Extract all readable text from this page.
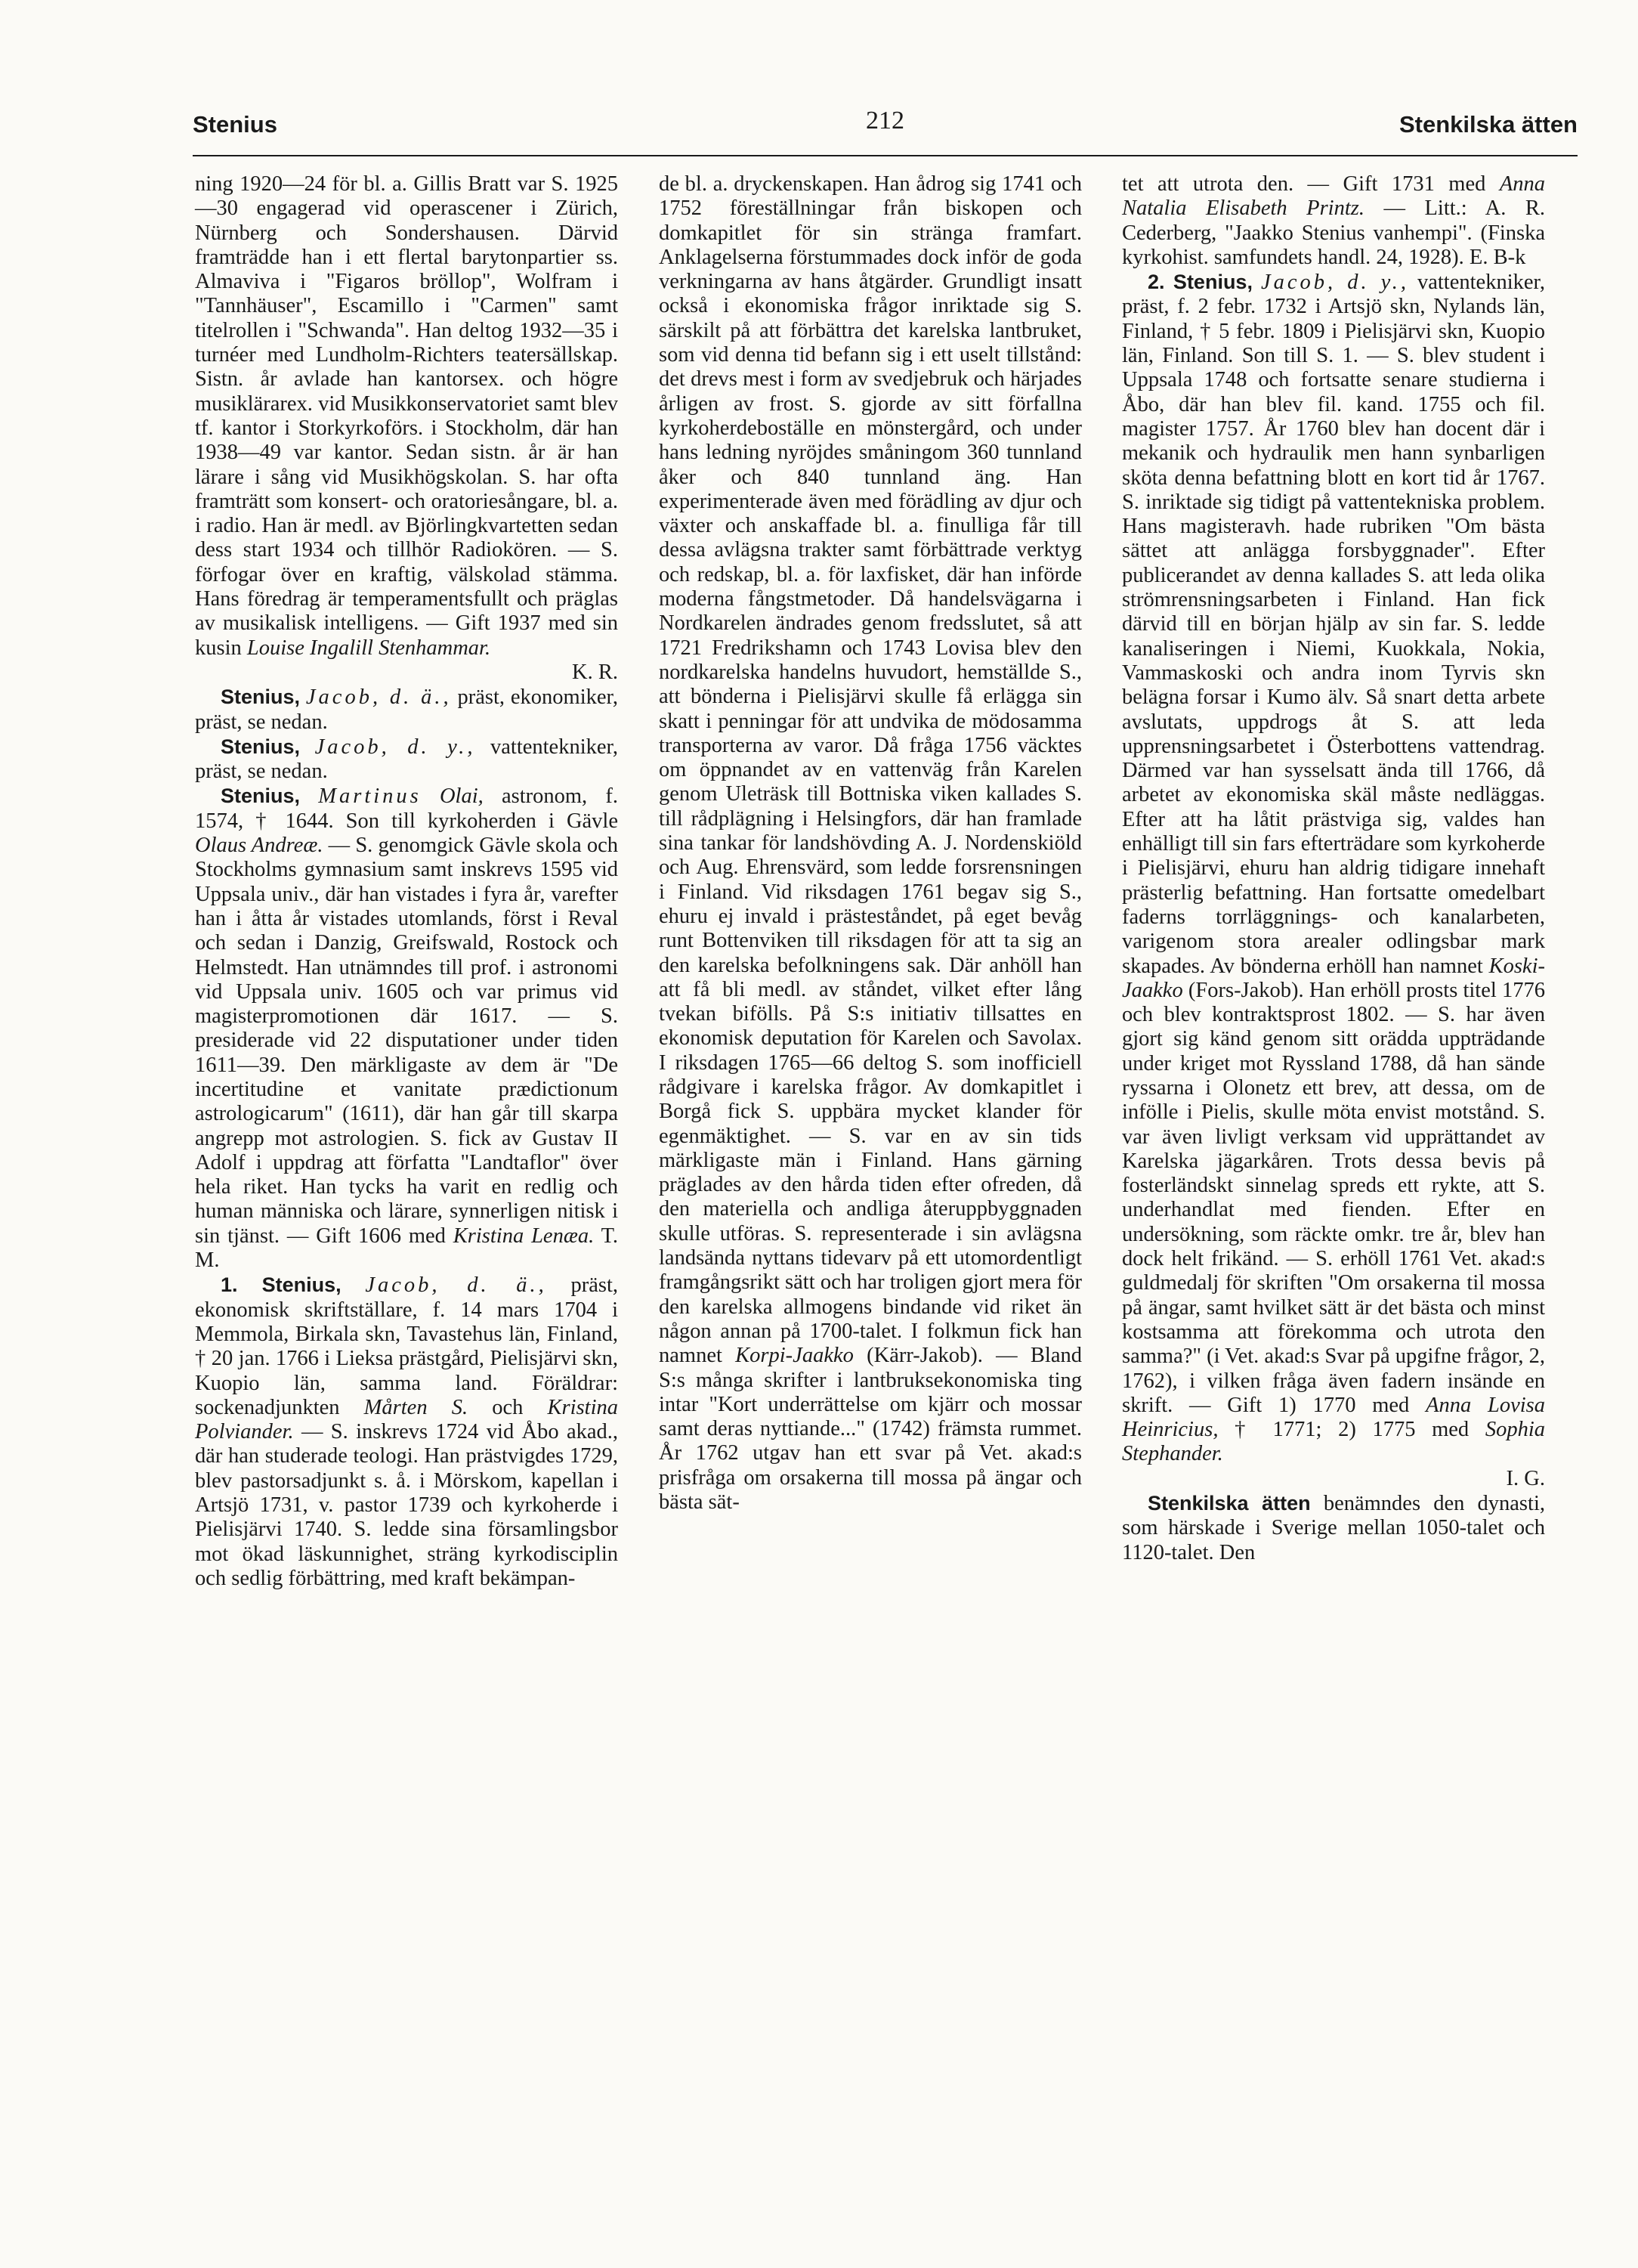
Stenius	212	Stenkilska ätten

ning 1920—24 för bl. a. Gillis Bratt var S. 1925—30 engagerad vid operascener i Zürich, Nürnberg och Sondershausen. Därvid framträdde han i ett flertal barytonpartier ss. Almaviva i "Figaros bröllop", Wolfram i "Tannhäuser", Escamillo i "Carmen" samt titelrollen i "Schwanda". Han deltog 1932—35 i turnéer med Lundholm-Richters teatersällskap. Sistn. år avlade han kantorsex. och högre musiklärarex. vid Musikkonservatoriet samt blev tf. kantor i Storkyrkoförs. i Stockholm, där han 1938—49 var kantor. Sedan sistn. år är han lärare i sång vid Musikhögskolan. S. har ofta framträtt som konsert- och oratoriesångare, bl. a. i radio. Han är medl. av Björlingkvartetten sedan dess start 1934 och tillhör Radiokören. — S. förfogar över en kraftig, välskolad stämma. Hans föredrag är temperamentsfullt och präglas av musikalisk intelligens. — Gift 1937 med sin kusin Louise Ingalill Stenhammar.

K. R.

Stenius, Jacob, d. ä., präst, ekonomiker, präst, se nedan.

Stenius, Jacob, d. y., vattentekniker, präst, se nedan.

Stenius, Martinus Olai, astronom, f. 1574, † 1644. Son till kyrkoherden i Gävle Olaus Andreæ. — S. genomgick Gävle skola och Stockholms gymnasium samt inskrevs 1595 vid Uppsala univ., där han vistades i fyra år, varefter han i åtta år vistades utomlands, först i Reval och sedan i Danzig, Greifswald, Rostock och Helmstedt. Han utnämndes till prof. i astronomi vid Uppsala univ. 1605 och var primus vid magisterpromotionen där 1617. — S. presiderade vid 22 disputationer under tiden 1611—39. Den märkligaste av dem är "De incertitudine et vanitate prædictionum astrologicarum" (1611), där han går till skarpa angrepp mot astrologien. S. fick av Gustav II Adolf i uppdrag att författa "Landtaflor" över hela riket. Han tycks ha varit en redlig och human människa och lärare, synnerligen nitisk i sin tjänst. — Gift 1606 med Kristina Lenæa. T. M.

1. Stenius, Jacob, d. ä., präst, ekonomisk skriftställare, f. 14 mars 1704 i Memmola, Birkala skn, Tavastehus län, Finland, † 20 jan. 1766 i Lieksa prästgård, Pielisjärvi skn, Kuopio län, samma land. Föräldrar: sockenadjunkten Mårten S. och Kristina Polviander. — S. inskrevs 1724 vid Åbo akad., där han studerade teologi. Han prästvigdes 1729, blev pastorsadjunkt s. å. i Mörskom, kapellan i Artsjö 1731, v. pastor 1739 och kyrkoherde i Pielisjärvi 1740. S. ledde sina församlingsbor mot ökad läskunnighet, sträng kyrkodisciplin och sedlig förbättring, med kraft bekämpan-

de bl. a. dryckenskapen. Han ådrog sig 1741 och 1752 föreställningar från biskopen och domkapitlet för sin stränga framfart. Anklagelserna förstummades dock inför de goda verkningarna av hans åtgärder. Grundligt insatt också i ekonomiska frågor inriktade sig S. särskilt på att förbättra det karelska lantbruket, som vid denna tid befann sig i ett uselt tillstånd: det drevs mest i form av svedjebruk och härjades årligen av frost. S. gjorde av sitt förfallna kyrkoherdeboställe en mönstergård, och under hans ledning nyröjdes småningom 360 tunnland åker och 840 tunnland äng. Han experimenterade även med förädling av djur och växter och anskaffade bl. a. finulliga får till dessa avlägsna trakter samt förbättrade verktyg och redskap, bl. a. för laxfisket, där han införde moderna fångstmetoder. Då handelsvägarna i Nordkarelen ändrades genom fredsslutet, så att 1721 Fredrikshamn och 1743 Lovisa blev den nordkarelska handelns huvudort, hemställde S., att bönderna i Pielisjärvi skulle få erlägga sin skatt i penningar för att undvika de mödosamma transporterna av varor. Då fråga 1756 väcktes om öppnandet av en vattenväg från Karelen genom Uleträsk till Bottniska viken kallades S. till rådplägning i Helsingfors, där han framlade sina tankar för landshövding A. J. Nordenskiöld och Aug. Ehrensvärd, som ledde forsrensningen i Finland. Vid riksdagen 1761 begav sig S., ehuru ej invald i prästeståndet, på eget bevåg runt Bottenviken till riksdagen för att ta sig an den karelska befolkningens sak. Där anhöll han att få bli medl. av ståndet, vilket efter lång tvekan bifölls. På S:s initiativ tillsattes en ekonomisk deputation för Karelen och Savolax. I riksdagen 1765—66 deltog S. som inofficiell rådgivare i karelska frågor. Av domkapitlet i Borgå fick S. uppbära mycket klander för egenmäktighet. — S. var en av sin tids märkligaste män i Finland. Hans gärning präglades av den hårda tiden efter ofreden, då den materiella och andliga återuppbyggnaden skulle utföras. S. representerade i sin avlägsna landsända nyttans tidevarv på ett utomordentligt framgångsrikt sätt och har troligen gjort mera för den karelska allmogens bindande vid riket än någon annan på 1700-talet. I folkmun fick han namnet Korpi-Jaakko (Kärr-Jakob). — Bland S:s många skrifter i lantbruksekonomiska ting intar "Kort underrättelse om kjärr och mossar samt deras nyttiande..." (1742) främsta rummet. År 1762 utgav han ett svar på Vet. akad:s prisfråga om orsakerna till mossa på ängar och bästa sät-

tet att utrota den. — Gift 1731 med Anna Natalia Elisabeth Printz. — Litt.: A. R. Cederberg, "Jaakko Stenius vanhempi". (Finska kyrkohist. samfundets handl. 24, 1928). E. B-k

2. Stenius, Jacob, d. y., vattentekniker, präst, f. 2 febr. 1732 i Artsjö skn, Nylands län, Finland, † 5 febr. 1809 i Pielisjärvi skn, Kuopio län, Finland. Son till S. 1. — S. blev student i Uppsala 1748 och fortsatte senare studierna i Åbo, där han blev fil. kand. 1755 och fil. magister 1757. År 1760 blev han docent där i mekanik och hydraulik men hann synbarligen sköta denna befattning blott en kort tid år 1767. S. inriktade sig tidigt på vattentekniska problem. Hans magisteravh. hade rubriken "Om bästa sättet att anlägga forsbyggnader". Efter publicerandet av denna kallades S. att leda olika strömrensningsarbeten i Finland. Han fick därvid till en början hjälp av sin far. S. ledde kanaliseringen i Niemi, Kuokkala, Nokia, Vammaskoski och andra inom Tyrvis skn belägna forsar i Kumo älv. Så snart detta arbete avslutats, uppdrogs åt S. att leda upprensningsarbetet i Österbottens vattendrag. Därmed var han sysselsatt ända till 1766, då arbetet av ekonomiska skäl måste nedläggas. Efter att ha låtit prästviga sig, valdes han enhälligt till sin fars efterträdare som kyrkoherde i Pielisjärvi, ehuru han aldrig tidigare innehaft prästerlig befattning. Han fortsatte omedelbart faderns torrläggnings- och kanalarbeten, varigenom stora arealer odlingsbar mark skapades. Av bönderna erhöll han namnet Koski-Jaakko (Fors-Jakob). Han erhöll prosts titel 1776 och blev kontraktsprost 1802. — S. har även gjort sig känd genom sitt orädda uppträdande under kriget mot Ryssland 1788, då han sände ryssarna i Olonetz ett brev, att dessa, om de infölle i Pielis, skulle möta envist motstånd. S. var även livligt verksam vid upprättandet av Karelska jägarkåren. Trots dessa bevis på fosterländskt sinnelag spreds ett rykte, att S. underhandlat med fienden. Efter en undersökning, som räckte omkr. tre år, blev han dock helt frikänd. — S. erhöll 1761 Vet. akad:s guldmedalj för skriften "Om orsakerna til mossa på ängar, samt hvilket sätt är det bästa och minst kostsamma att förekomma och utrota den samma?" (i Vet. akad:s Svar på upgifne frågor, 2, 1762), i vilken fråga även fadern insände en skrift. — Gift 1) 1770 med Anna Lovisa Heinricius, † 1771; 2) 1775 med Sophia Stephander.

I. G.

Stenkilska ätten benämndes den dynasti, som härskade i Sverige mellan 1050-talet och 1120-talet. Den
